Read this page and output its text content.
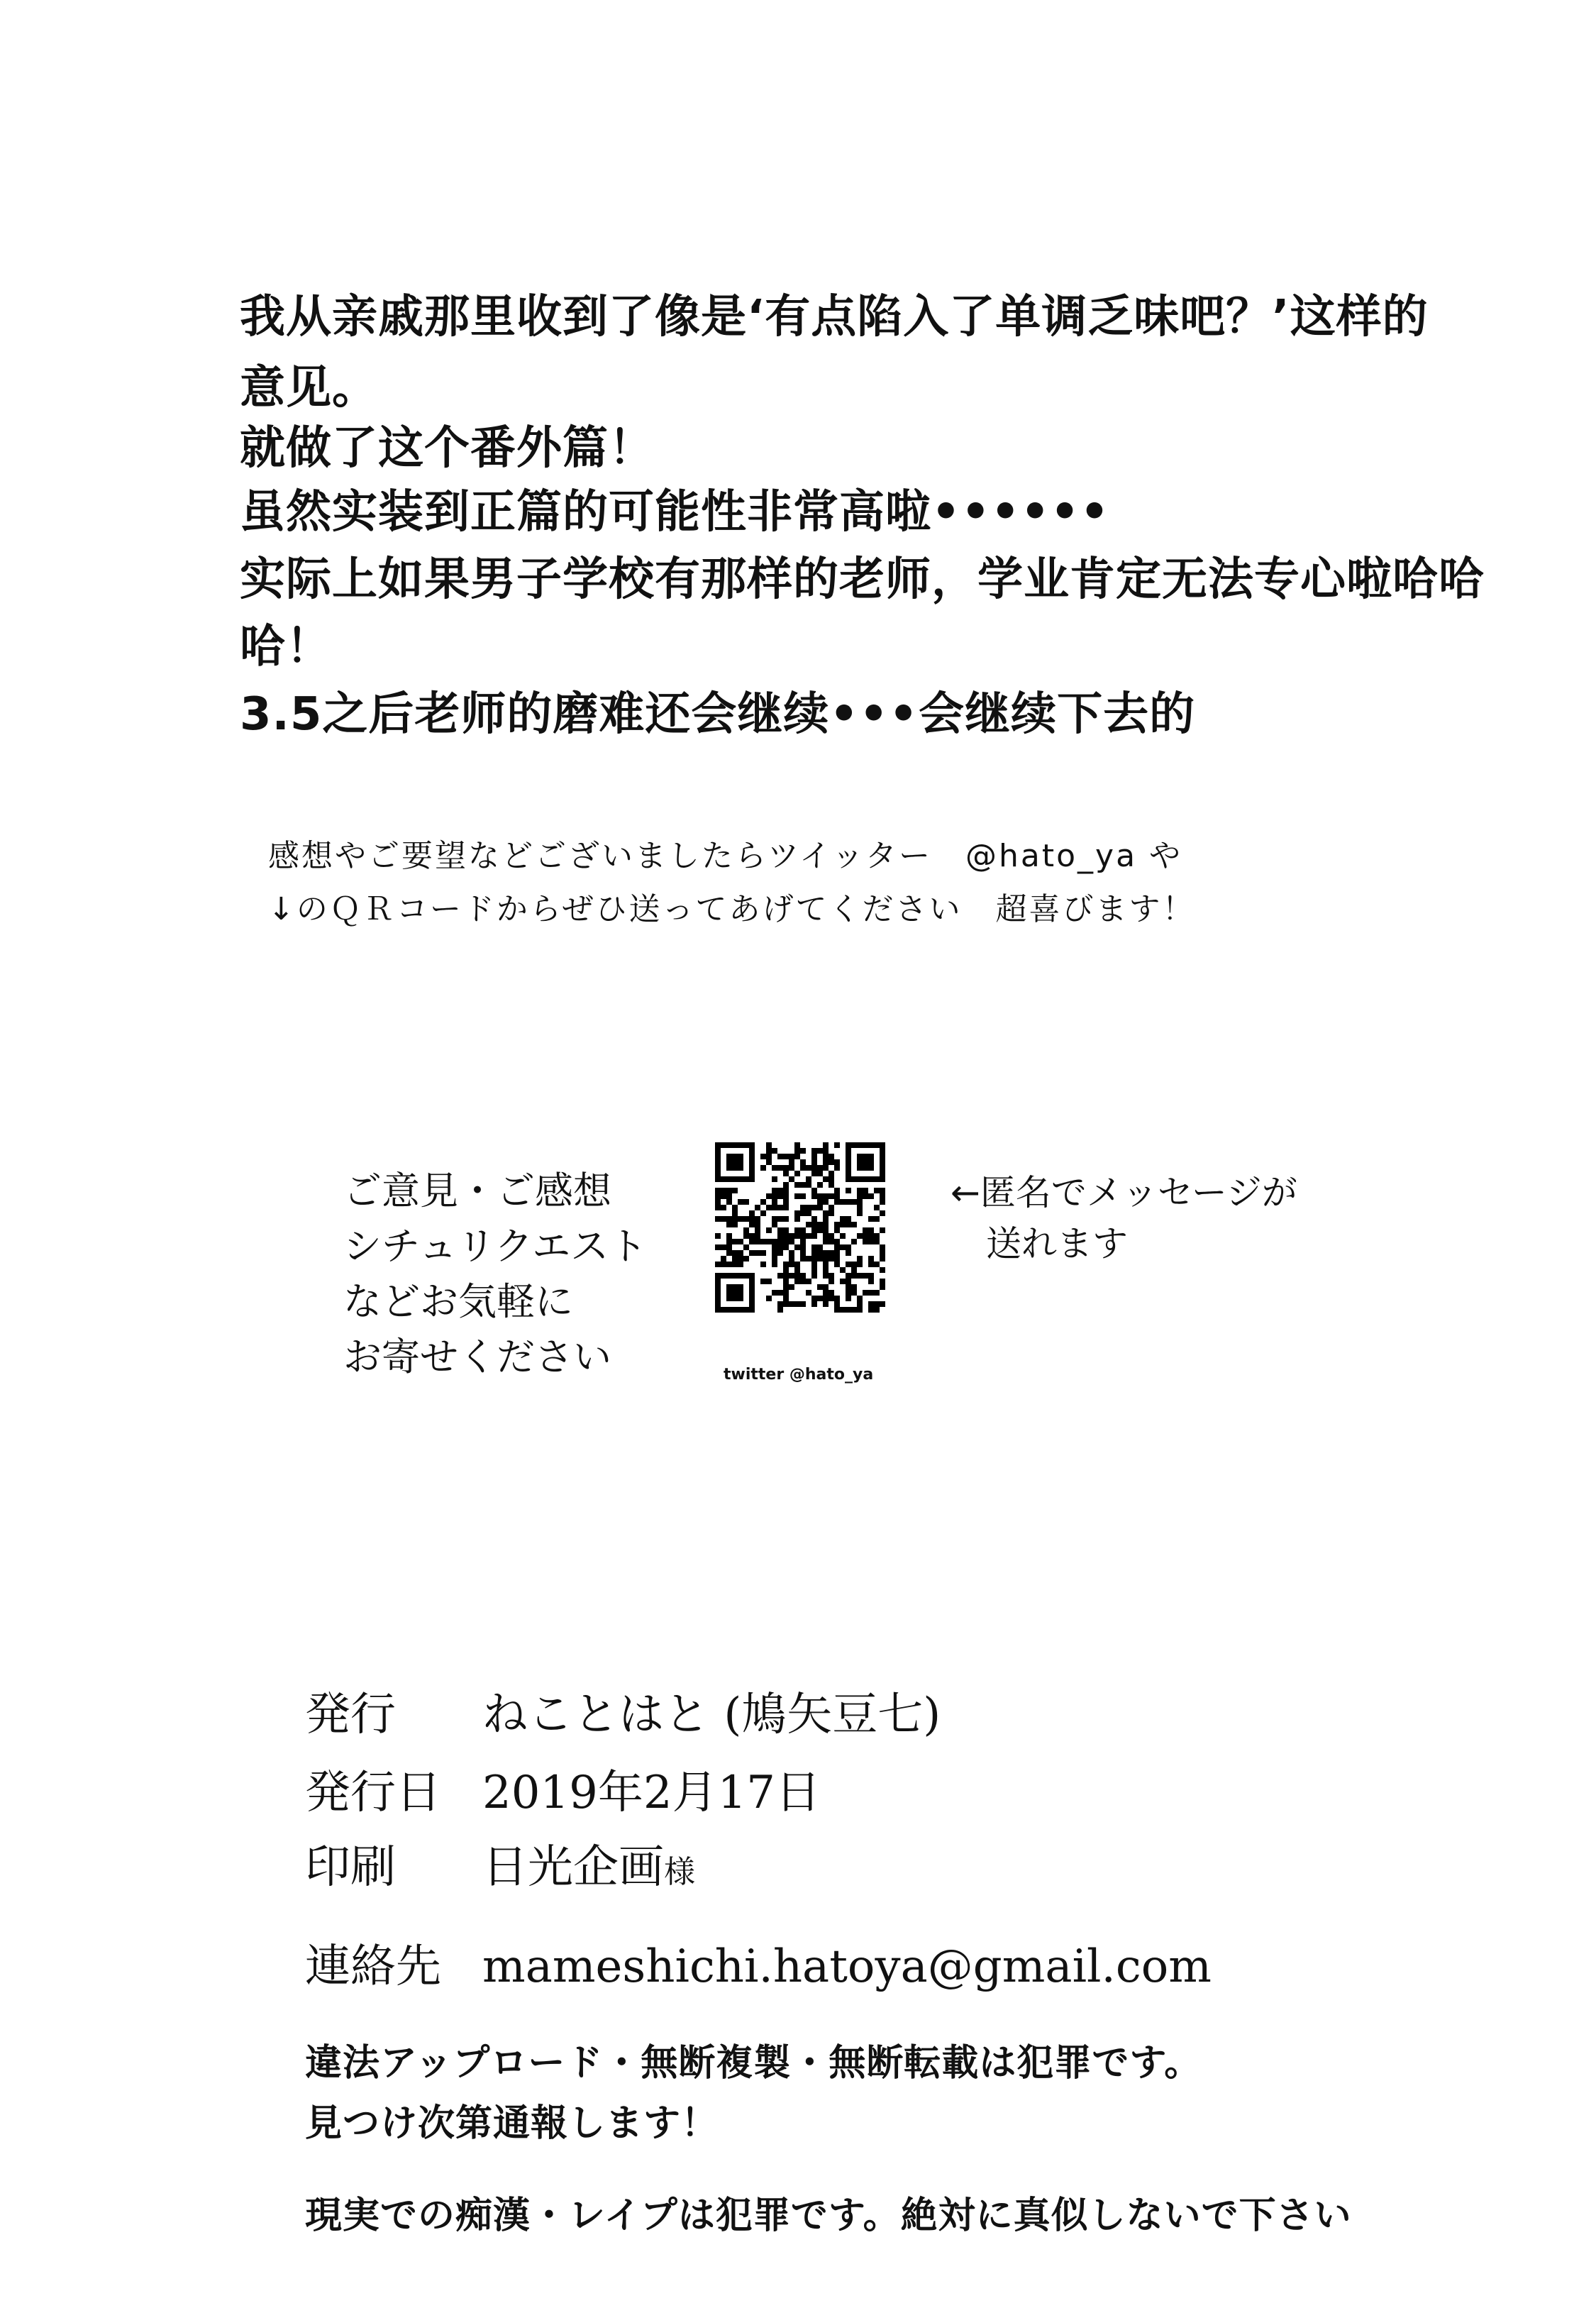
我从亲戚那里收到了像是‘有点陷入了单调乏味吧？’这样的
意见。
就做了这个番外篇！
虽然实装到正篇的可能性非常高啦••••••
实际上如果男子学校有那样的老师，学业肯定无法专心啦哈哈
哈！
3.5之后老师的磨难还会继续•••会继续下去的
感想やご要望などございましたらツイッター　@hato_ya や
↓のＱＲコードからぜひ送ってあげてください　超喜びます！
ご意見・ご感想
シチュリクエスト
などお気軽に
お寄せください
←匿名でメッセージが
送れます
twitter @hato_ya
発行 ねことはと (鳩矢豆七)
発行日 2019年2月17日
印刷 日光企画様
連絡先 mameshichi.hatoya@gmail.com
違法アップロード・無断複製・無断転載は犯罪です。
見つけ次第通報します！
現実での痴漢・レイプは犯罪です。絶対に真似しないで下さい
